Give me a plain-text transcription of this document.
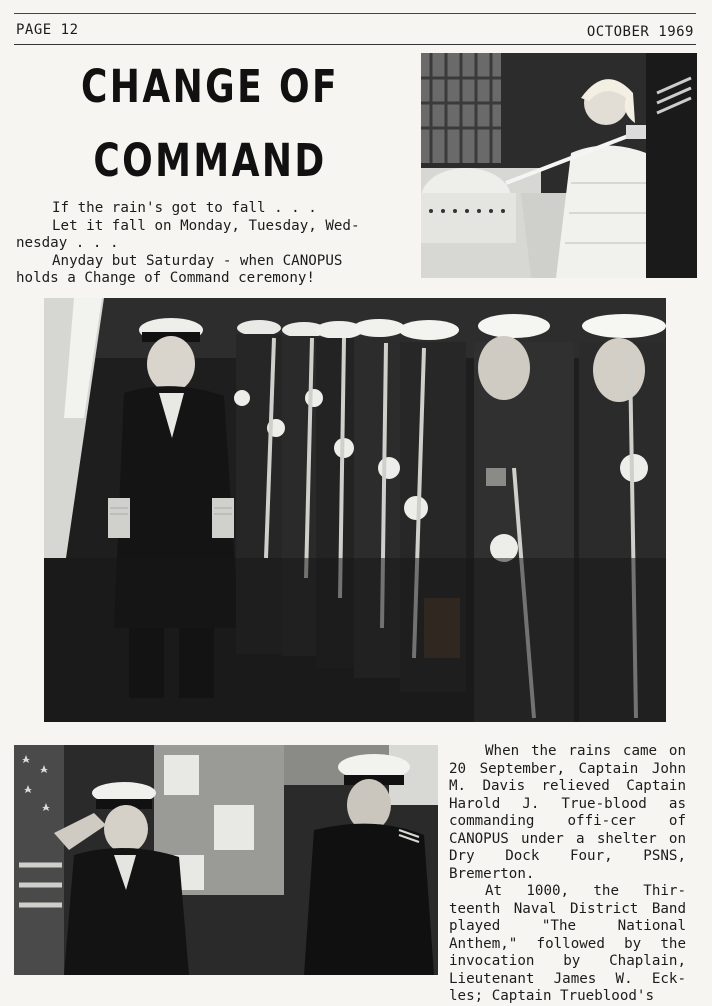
PAGE 12	OCTOBER 1969
CHANGE OF
COMMAND

If the rain's got to fall . . .

Let it fall on Monday, Tuesday, Wed-

nesday . . .

Anyday but Saturday - when CANOPUS

holds a Change of Command ceremony!

When the rains came on 20 September, Captain John M. Davis relieved Captain Harold J. True-blood as commanding offi-cer of CANOPUS under a shelter on Dry Dock Four, PSNS, Bremerton.

At 1000, the Thir-teenth Naval District Band played "The National Anthem," followed by the invocation by Chaplain, Lieutenant James W. Eck-les; Captain Trueblood's
